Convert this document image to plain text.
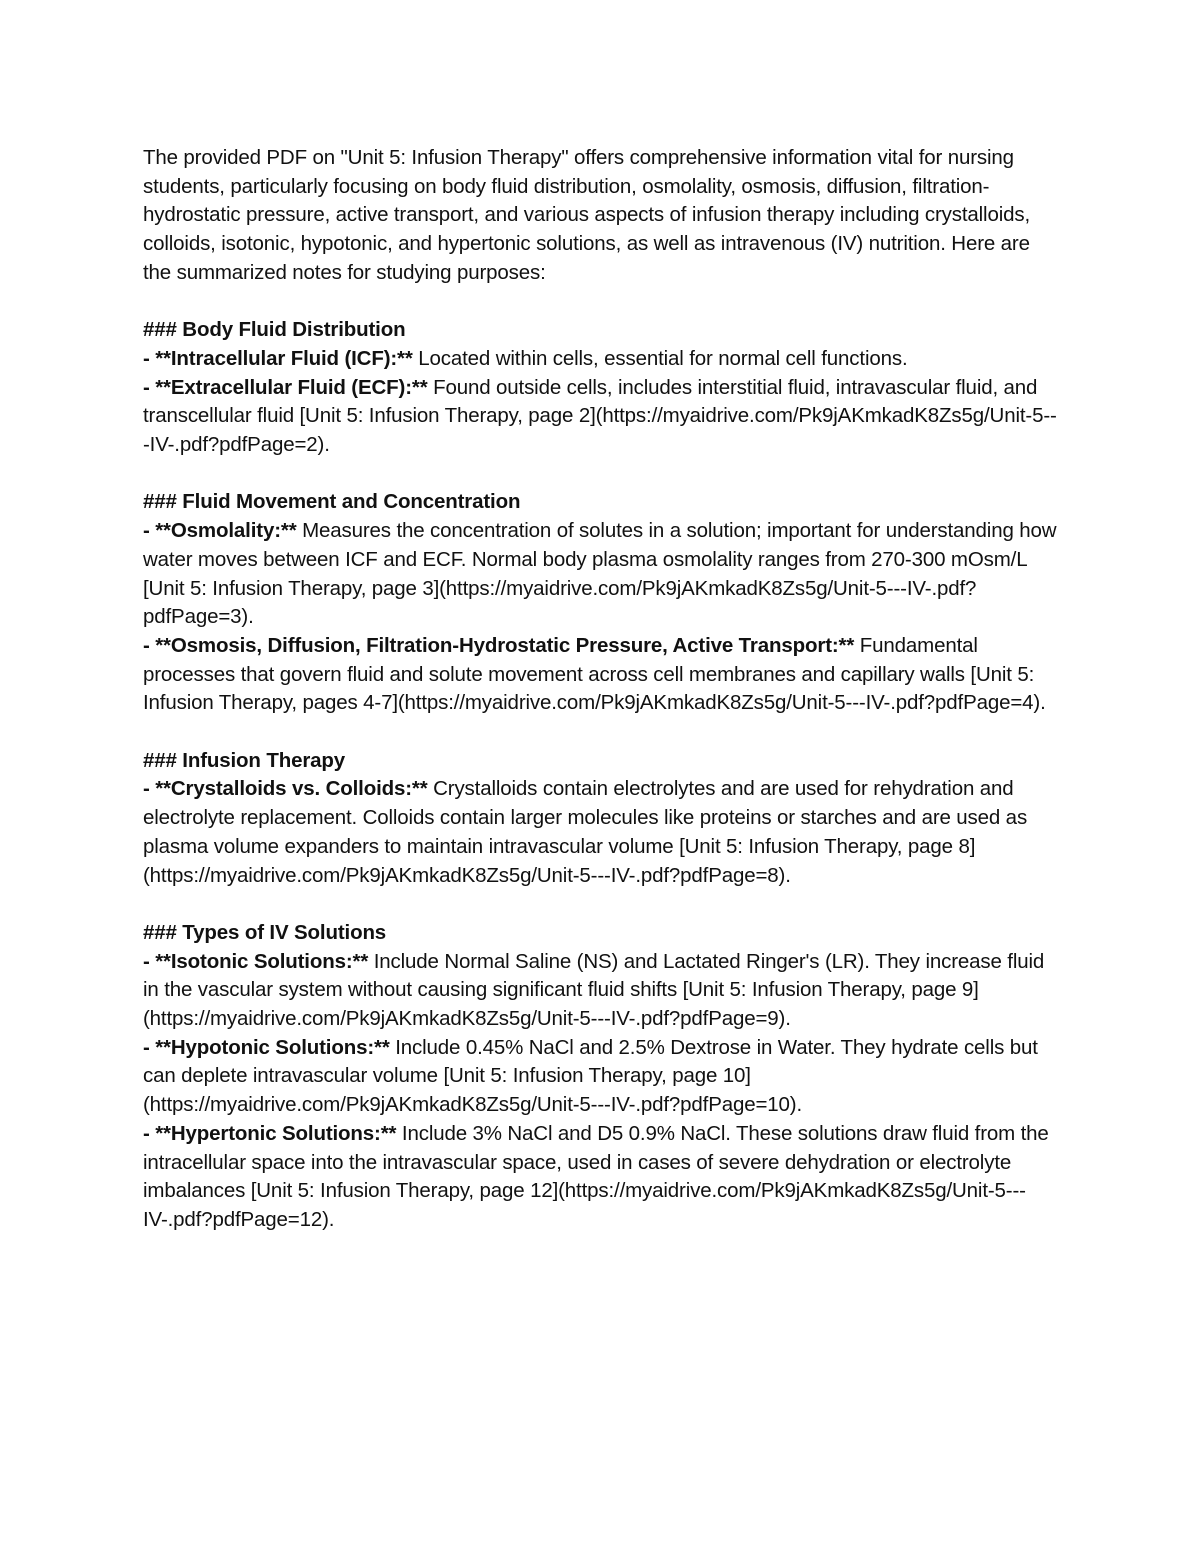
The provided PDF on "Unit 5: Infusion Therapy" offers comprehensive information vital for nursing students, particularly focusing on body fluid distribution, osmolality, osmosis, diffusion, filtration-hydrostatic pressure, active transport, and various aspects of infusion therapy including crystalloids, colloids, isotonic, hypotonic, and hypertonic solutions, as well as intravenous (IV) nutrition. Here are the summarized notes for studying purposes:

### Body Fluid Distribution

- **Intracellular Fluid (ICF):** Located within cells, essential for normal cell functions.

- **Extracellular Fluid (ECF):** Found outside cells, includes interstitial fluid, intravascular fluid, and transcellular fluid [Unit 5: Infusion Therapy, page 2](https://myaidrive.com/Pk9jAKmkadK8Zs5g/Unit-5---IV-.pdf?pdfPage=2).

### Fluid Movement and Concentration

- **Osmolality:** Measures the concentration of solutes in a solution; important for understanding how water moves between ICF and ECF. Normal body plasma osmolality ranges from 270-300 mOsm/L [Unit 5: Infusion Therapy, page 3](https://myaidrive.com/Pk9jAKmkadK8Zs5g/Unit-5---IV-.pdf?pdfPage=3).

- **Osmosis, Diffusion, Filtration-Hydrostatic Pressure, Active Transport:** Fundamental processes that govern fluid and solute movement across cell membranes and capillary walls [Unit 5: Infusion Therapy, pages 4-7](https://myaidrive.com/Pk9jAKmkadK8Zs5g/Unit-5---IV-.pdf?pdfPage=4).

### Infusion Therapy

- **Crystalloids vs. Colloids:** Crystalloids contain electrolytes and are used for rehydration and electrolyte replacement. Colloids contain larger molecules like proteins or starches and are used as plasma volume expanders to maintain intravascular volume [Unit 5: Infusion Therapy, page 8](https://myaidrive.com/Pk9jAKmkadK8Zs5g/Unit-5---IV-.pdf?pdfPage=8).

### Types of IV Solutions

- **Isotonic Solutions:** Include Normal Saline (NS) and Lactated Ringer's (LR). They increase fluid in the vascular system without causing significant fluid shifts [Unit 5: Infusion Therapy, page 9](https://myaidrive.com/Pk9jAKmkadK8Zs5g/Unit-5---IV-.pdf?pdfPage=9).

- **Hypotonic Solutions:** Include 0.45% NaCl and 2.5% Dextrose in Water. They hydrate cells but can deplete intravascular volume [Unit 5: Infusion Therapy, page 10](https://myaidrive.com/Pk9jAKmkadK8Zs5g/Unit-5---IV-.pdf?pdfPage=10).

- **Hypertonic Solutions:** Include 3% NaCl and D5 0.9% NaCl. These solutions draw fluid from the intracellular space into the intravascular space, used in cases of severe dehydration or electrolyte imbalances [Unit 5: Infusion Therapy, page 12](https://myaidrive.com/Pk9jAKmkadK8Zs5g/Unit-5---IV-.pdf?pdfPage=12).
